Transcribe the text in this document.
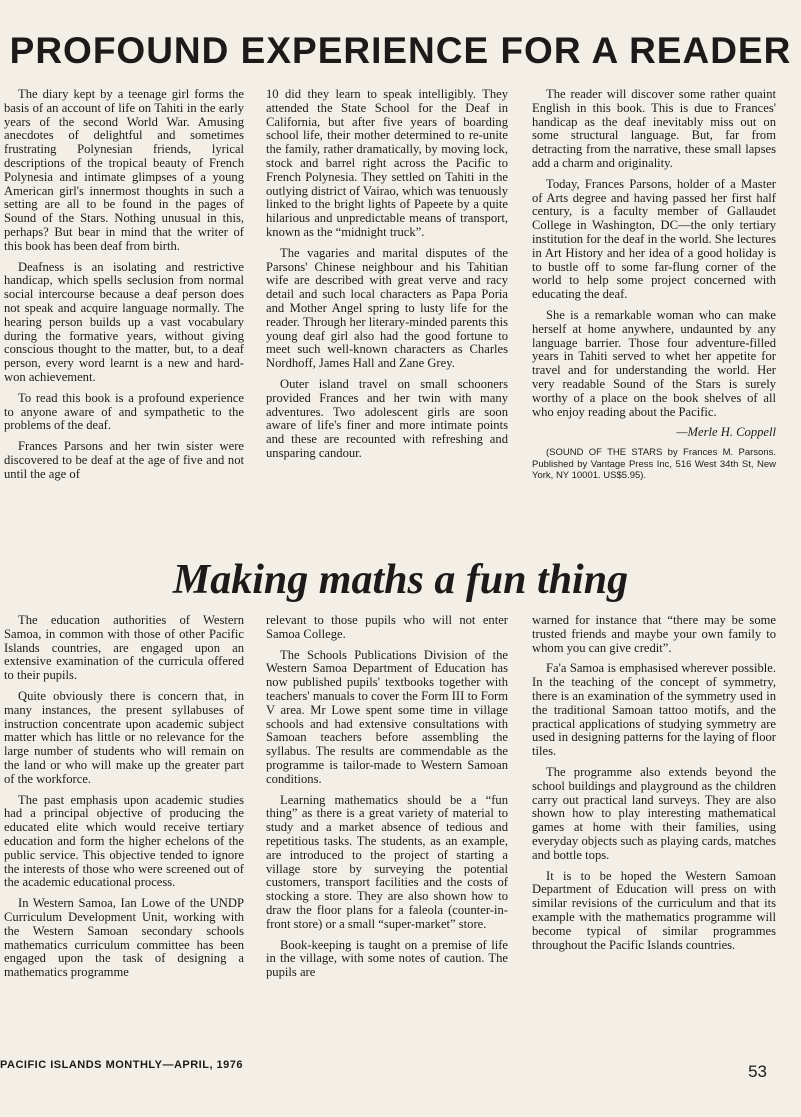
PROFOUND EXPERIENCE FOR A READER

The diary kept by a teenage girl forms the basis of an account of life on Tahiti in the early years of the second World War. Amusing anecdotes of delightful and sometimes frustrating Polynesian friends, lyrical descriptions of the tropical beauty of French Polynesia and intimate glimpses of a young American girl's innermost thoughts in such a setting are all to be found in the pages of Sound of the Stars. Nothing unusual in this, perhaps? But bear in mind that the writer of this book has been deaf from birth.

Deafness is an isolating and restrictive handicap, which spells seclusion from normal social intercourse because a deaf person does not speak and acquire language normally. The hearing person builds up a vast vocabulary during the formative years, without giving conscious thought to the matter, but, to a deaf person, every word learnt is a new and hard-won achievement.

To read this book is a profound experience to anyone aware of and sympathetic to the problems of the deaf.

Frances Parsons and her twin sister were discovered to be deaf at the age of five and not until the age of

10 did they learn to speak intelligibly. They attended the State School for the Deaf in California, but after five years of boarding school life, their mother determined to re-unite the family, rather dramatically, by moving lock, stock and barrel right across the Pacific to French Polynesia. They settled on Tahiti in the outlying district of Vairao, which was tenuously linked to the bright lights of Papeete by a quite hilarious and unpredictable means of transport, known as the “midnight truck”.

The vagaries and marital disputes of the Parsons' Chinese neighbour and his Tahitian wife are described with great verve and racy detail and such local characters as Papa Poria and Mother Angel spring to lusty life for the reader. Through her literary-minded parents this young deaf girl also had the good fortune to meet such well-known characters as Charles Nordhoff, James Hall and Zane Grey.

Outer island travel on small schooners provided Frances and her twin with many adventures. Two adolescent girls are soon aware of life's finer and more intimate points and these are recounted with refreshing and unsparing candour.

The reader will discover some rather quaint English in this book. This is due to Frances' handicap as the deaf inevitably miss out on some structural language. But, far from detracting from the narrative, these small lapses add a charm and originality.

Today, Frances Parsons, holder of a Master of Arts degree and having passed her first half century, is a faculty member of Gallaudet College in Washington, DC—the only tertiary institution for the deaf in the world. She lectures in Art History and her idea of a good holiday is to bustle off to some far-flung corner of the world to help some project concerned with educating the deaf.

She is a remarkable woman who can make herself at home anywhere, undaunted by any language barrier. Those four adventure-filled years in Tahiti served to whet her appetite for travel and for understanding the world. Her very readable Sound of the Stars is surely worthy of a place on the book shelves of all who enjoy reading about the Pacific.

—Merle H. Coppell

(SOUND OF THE STARS by Frances M. Parsons. Published by Vantage Press Inc, 516 West 34th St, New York, NY 10001. US$5.95).

Making maths a fun thing

The education authorities of Western Samoa, in common with those of other Pacific Islands countries, are engaged upon an extensive examination of the curricula offered to their pupils.

Quite obviously there is concern that, in many instances, the present syllabuses of instruction concentrate upon academic subject matter which has little or no relevance for the large number of students who will remain on the land or who will make up the greater part of the workforce.

The past emphasis upon academic studies had a principal objective of producing the educated elite which would receive tertiary education and form the higher echelons of the public service. This objective tended to ignore the interests of those who were screened out of the academic educational process.

In Western Samoa, Ian Lowe of the UNDP Curriculum Development Unit, working with the Western Samoan secondary schools mathematics curriculum committee has been engaged upon the task of designing a mathematics programme

relevant to those pupils who will not enter Samoa College.

The Schools Publications Division of the Western Samoa Department of Education has now published pupils' textbooks together with teachers' manuals to cover the Form III to Form V area. Mr Lowe spent some time in village schools and had extensive consultations with Samoan teachers before assembling the syllabus. The results are commendable as the programme is tailor-made to Western Samoan conditions.

Learning mathematics should be a “fun thing” as there is a great variety of material to study and a market absence of tedious and repetitious tasks. The students, as an example, are introduced to the project of starting a village store by surveying the potential customers, transport facilities and the costs of stocking a store. They are also shown how to draw the floor plans for a faleola (counter-in-front store) or a small “super-market” store.

Book-keeping is taught on a premise of life in the village, with some notes of caution. The pupils are

warned for instance that “there may be some trusted friends and maybe your own family to whom you can give credit”.

Fa'a Samoa is emphasised wherever possible. In the teaching of the concept of symmetry, there is an examination of the symmetry used in the traditional Samoan tattoo motifs, and the practical applications of studying symmetry are used in designing patterns for the laying of floor tiles.

The programme also extends beyond the school buildings and playground as the children carry out practical land surveys. They are also shown how to play interesting mathematical games at home with their families, using everyday objects such as playing cards, matches and bottle tops.

It is to be hoped the Western Samoan Department of Education will press on with similar revisions of the curriculum and that its example with the mathematics programme will become typical of similar programmes throughout the Pacific Islands countries.

PACIFIC ISLANDS MONTHLY—APRIL, 1976	53
